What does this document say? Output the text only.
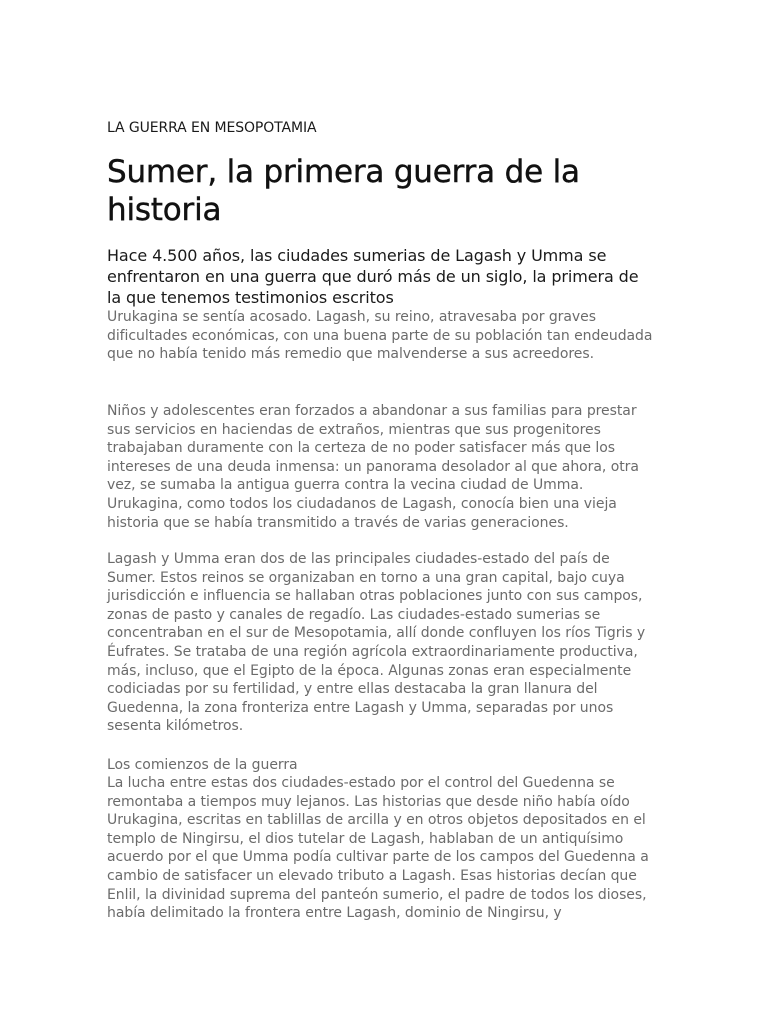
LA GUERRA EN MESOPOTAMIA
Sumer, la primera guerra de la historia

Hace 4.500 años, las ciudades sumerias de Lagash y Umma se enfrentaron en una guerra que duró más de un siglo, la primera de la que tenemos testimonios escritos

Urukagina se sentía acosado. Lagash, su reino, atravesaba por graves dificultades económicas, con una buena parte de su población tan endeudada que no había tenido más remedio que malvenderse a sus acreedores.

Niños y adolescentes eran forzados a abandonar a sus familias para prestar sus servicios en haciendas de extraños, mientras que sus progenitores trabajaban duramente con la certeza de no poder satisfacer más que los intereses de una deuda inmensa: un panorama desolador al que ahora, otra vez, se sumaba la antigua guerra contra la vecina ciudad de Umma. Urukagina, como todos los ciudadanos de Lagash, conocía bien una vieja historia que se había transmitido a través de varias generaciones.

Lagash y Umma eran dos de las principales ciudades-estado del país de Sumer. Estos reinos se organizaban en torno a una gran capital, bajo cuya jurisdicción e influencia se hallaban otras poblaciones junto con sus campos, zonas de pasto y canales de regadío. Las ciudades-estado sumerias se concentraban en el sur de Mesopotamia, allí donde confluyen los ríos Tigris y Éufrates. Se trataba de una región agrícola extraordinariamente productiva, más, incluso, que el Egipto de la época. Algunas zonas eran especialmente codiciadas por su fertilidad, y entre ellas destacaba la gran llanura del Guedenna, la zona fronteriza entre Lagash y Umma, separadas por unos sesenta kilómetros.

Los comienzos de la guerra

La lucha entre estas dos ciudades-estado por el control del Guedenna se remontaba a tiempos muy lejanos. Las historias que desde niño había oído Urukagina, escritas en tablillas de arcilla y en otros objetos depositados en el templo de Ningirsu, el dios tutelar de Lagash, hablaban de un antiquísimo acuerdo por el que Umma podía cultivar parte de los campos del Guedenna a cambio de satisfacer un elevado tributo a Lagash. Esas historias decían que Enlil, la divinidad suprema del panteón sumerio, el padre de todos los dioses, había delimitado la frontera entre Lagash, dominio de Ningirsu, y
